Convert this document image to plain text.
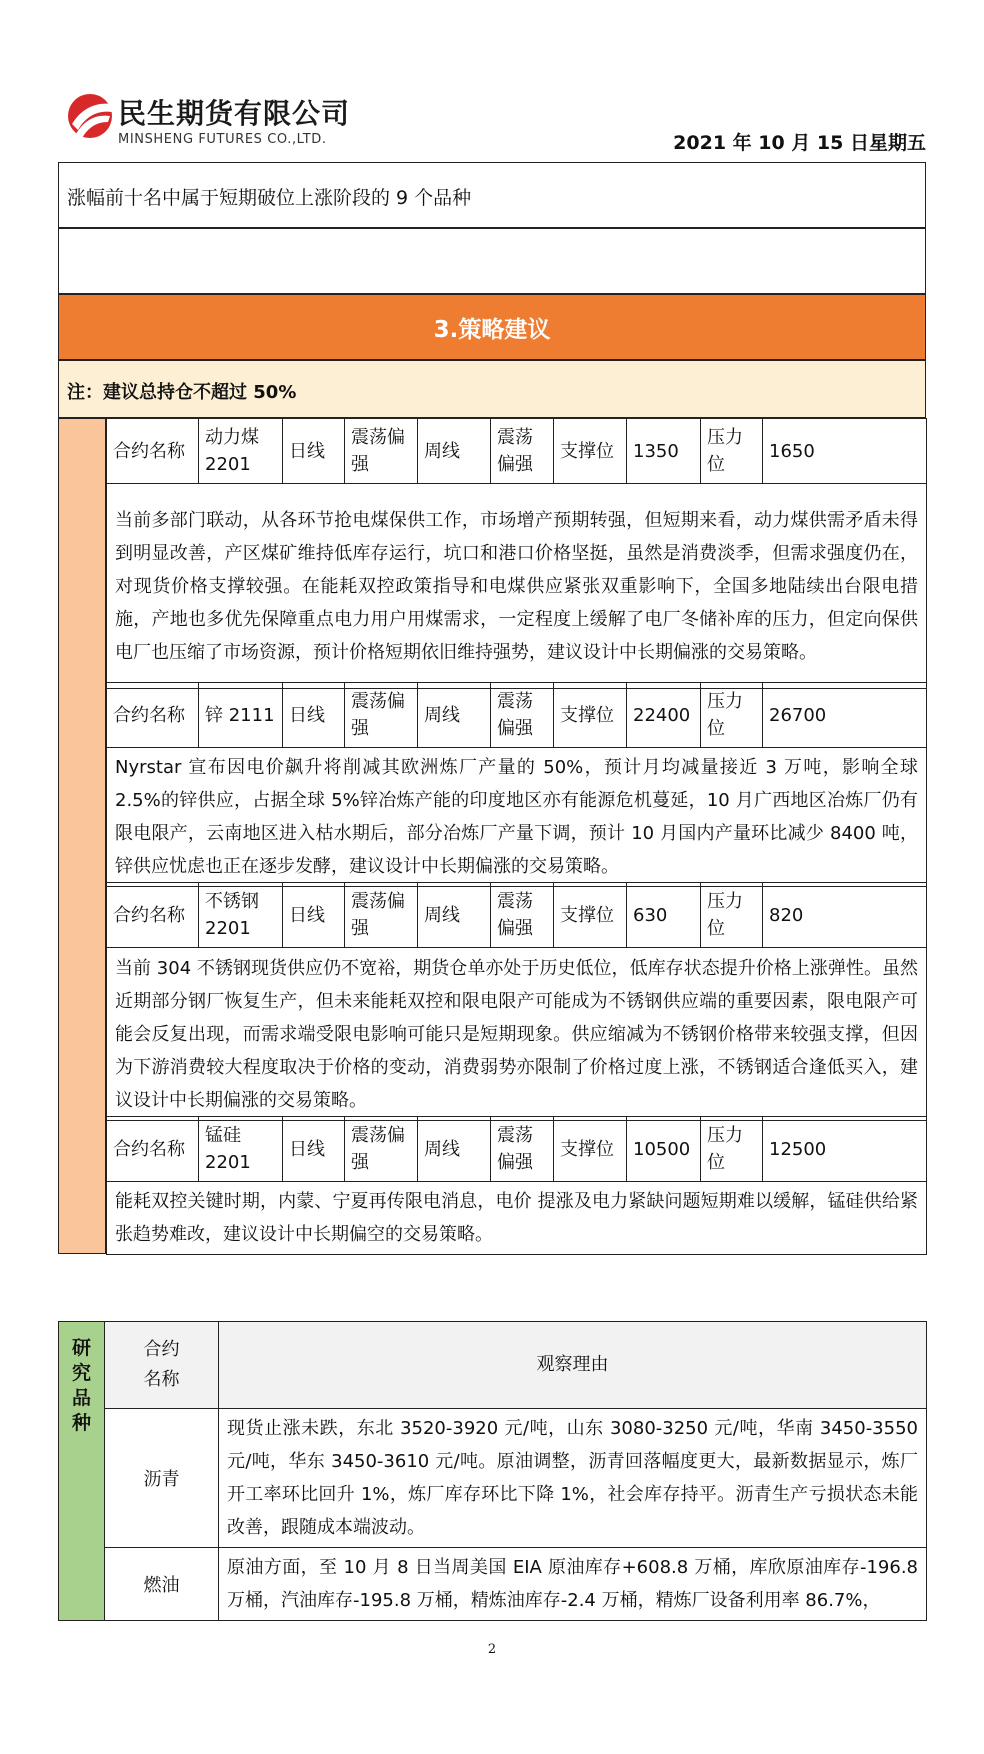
民生期货有限公司
MINSHENG FUTURES CO.,LTD.	2021 年 10 月 15 日星期五
涨幅前十名中属于短期破位上涨阶段的 9 个品种
3.策略建议
注：建议总持仓不超过 50%
合约名称	动力煤 2201	日线	震荡偏强	周线	震荡偏强	支撑位	1350	压力位	1650
当前多部门联动，从各环节抢电煤保供工作，市场增产预期转强，但短期来看，动力煤供需矛盾未得到明显改善，产区煤矿维持低库存运行，坑口和港口价格坚挺，虽然是消费淡季，但需求强度仍在，对现货价格支撑较强。在能耗双控政策指导和电煤供应紧张双重影响下，全国多地陆续出台限电措施，产地也多优先保障重点电力用户用煤需求，一定程度上缓解了电厂冬储补库的压力，但定向保供电厂也压缩了市场资源，预计价格短期依旧维持强势，建议设计中长期偏涨的交易策略。
合约名称	锌 2111	日线	震荡偏强	周线	震荡偏强	支撑位	22400	压力位	26700
Nyrstar 宣布因电价飙升将削减其欧洲炼厂产量的 50%，预计月均减量接近 3 万吨，影响全球 2.5%的锌供应，占据全球 5%锌冶炼产能的印度地区亦有能源危机蔓延，10 月广西地区冶炼厂仍有限电限产，云南地区进入枯水期后，部分冶炼厂产量下调，预计 10 月国内产量环比减少 8400 吨，锌供应忧虑也正在逐步发酵，建议设计中长期偏涨的交易策略。
合约名称	不锈钢 2201	日线	震荡偏强	周线	震荡偏强	支撑位	630	压力位	820
当前 304 不锈钢现货供应仍不宽裕，期货仓单亦处于历史低位，低库存状态提升价格上涨弹性。虽然近期部分钢厂恢复生产，但未来能耗双控和限电限产可能成为不锈钢供应端的重要因素，限电限产可能会反复出现，而需求端受限电影响可能只是短期现象。供应缩减为不锈钢价格带来较强支撑，但因为下游消费较大程度取决于价格的变动，消费弱势亦限制了价格过度上涨，不锈钢适合逢低买入，建议设计中长期偏涨的交易策略。
合约名称	锰硅 2201	日线	震荡偏强	周线	震荡偏强	支撑位	10500	压力位	12500
能耗双控关键时期，内蒙、宁夏再传限电消息，电价 提涨及电力紧缺问题短期难以缓解，锰硅供给紧张趋势难改，建议设计中长期偏空的交易策略。
研究品种	合约名称	观察理由
	沥青	现货止涨未跌，东北 3520-3920 元/吨，山东 3080-3250 元/吨，华南 3450-3550 元/吨，华东 3450-3610 元/吨。原油调整，沥青回落幅度更大，最新数据显示，炼厂开工率环比回升 1%，炼厂库存环比下降 1%，社会库存持平。沥青生产亏损状态未能改善，跟随成本端波动。
	燃油	原油方面，至 10 月 8 日当周美国 EIA 原油库存+608.8 万桶，库欣原油库存-196.8 万桶，汽油库存-195.8 万桶，精炼油库存-2.4 万桶，精炼厂设备利用率 86.7%，
2
